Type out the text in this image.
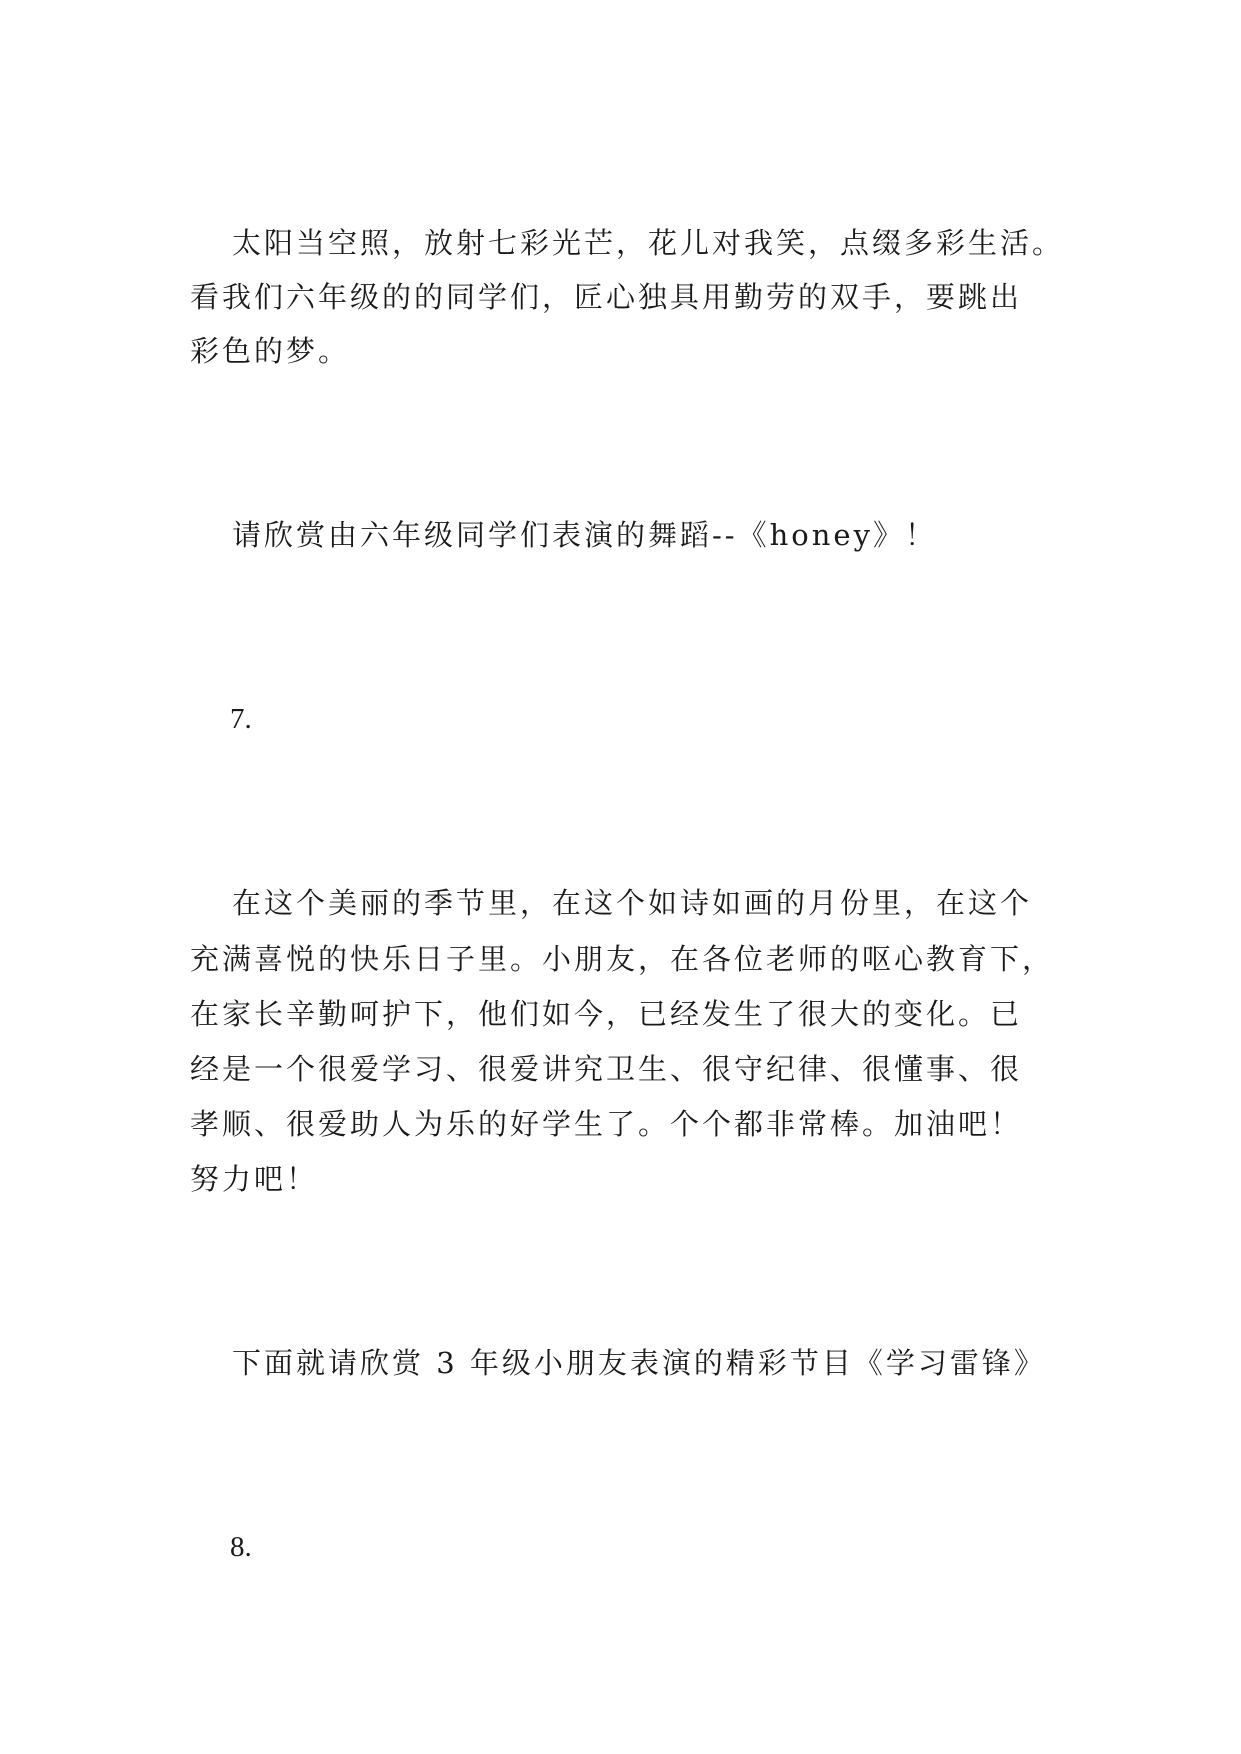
太阳当空照，放射七彩光芒，花儿对我笑，点缀多彩生活。
看我们六年级的的同学们，匠心独具用勤劳的双手，要跳出
彩色的梦。
请欣赏由六年级同学们表演的舞蹈--《honey》！
7.
在这个美丽的季节里，在这个如诗如画的月份里，在这个
充满喜悦的快乐日子里。小朋友，在各位老师的呕心教育下，
在家长辛勤呵护下，他们如今，已经发生了很大的变化。已
经是一个很爱学习、很爱讲究卫生、很守纪律、很懂事、很
孝顺、很爱助人为乐的好学生了。个个都非常棒。加油吧！
努力吧！
下面就请欣赏 3 年级小朋友表演的精彩节目《学习雷锋》
8.
